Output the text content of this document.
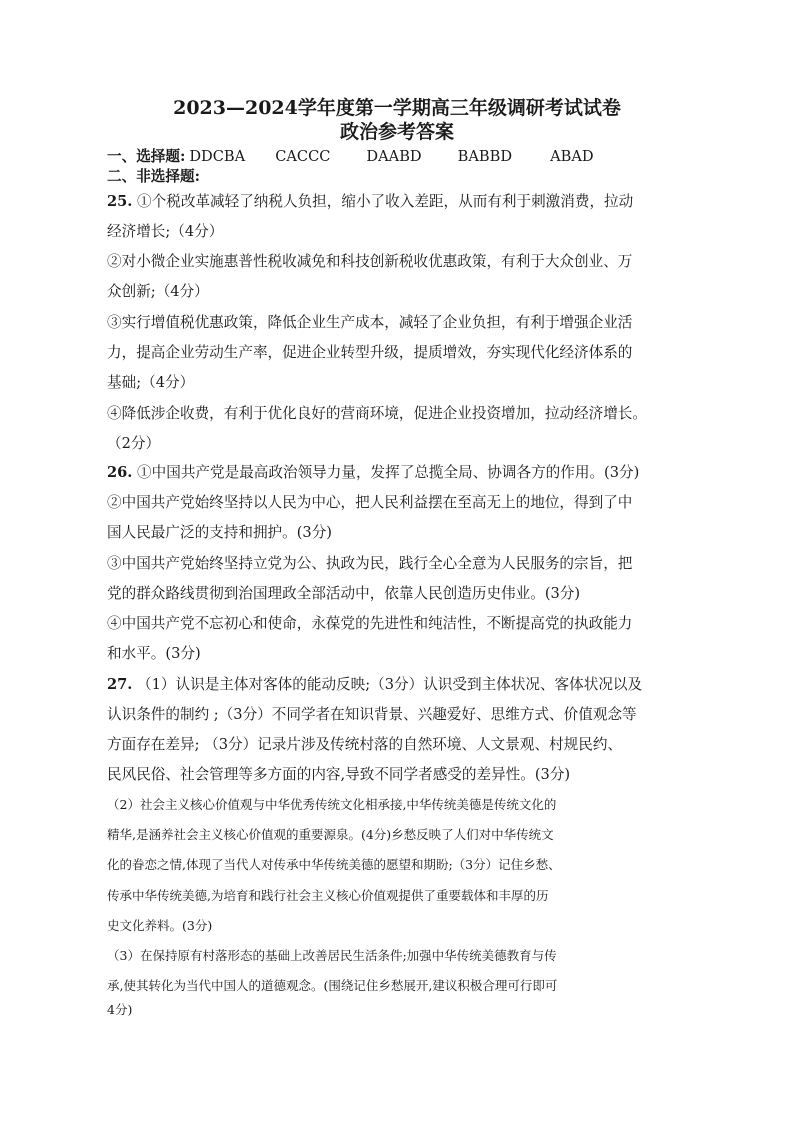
2023—2024学年度第一学期高三年级调研考试试卷
政治参考答案
一、选择题: DDCBA CACCC DAABD BABBD	ABAD
二、非选择题:
25. ①个税改革减轻了纳税人负担，缩小了收入差距，从而有利于刺激消费，拉动
经济增长;（4分）
②对小微企业实施惠普性税收减免和科技创新税收优惠政策，有利于大众创业、万
众创新;（4分）
③实行增值税优惠政策，降低企业生产成本，减轻了企业负担，有利于增强企业活
力，提高企业劳动生产率，促进企业转型升级，提质增效，夯实现代化经济体系的
基础;（4分）
④降低涉企收费，有利于优化良好的营商环境，促进企业投资增加，拉动经济增长。
（2分）
26. ①中国共产党是最高政治领导力量，发挥了总揽全局、协调各方的作用。(3分)
②中国共产党始终坚持以人民为中心，把人民利益摆在至高无上的地位，得到了中
国人民最广泛的支持和拥护。(3分)
③中国共产党始终坚持立党为公、执政为民，践行全心全意为人民服务的宗旨，把
党的群众路线贯彻到治国理政全部活动中，依靠人民创造历史伟业。(3分)
④中国共产党不忘初心和使命，永葆党的先进性和纯洁性，不断提高党的执政能力
和水平。(3分)
27. （1）认识是主体对客体的能动反映;（3分）认识受到主体状况、客体状况以及
认识条件的制约 ;（3分）不同学者在知识背景、兴趣爱好、思维方式、价值观念等
方面存在差异; （3分）记录片涉及传统村落的自然环境、人文景观、村规民约、
民风民俗、社会管理等多方面的内容,导致不同学者感受的差异性。(3分)
（2）社会主义核心价值观与中华优秀传统文化相承接,中华传统美德是传统文化的
精华,是涵养社会主义核心价值观的重要源泉。(4分)乡愁反映了人们对中华传统文
化的眷恋之情,体现了当代人对传承中华传统美德的愿望和期盼;（3分）记住乡愁、
传承中华传统美德,为培育和践行社会主义核心价值观提供了重要载体和丰厚的历
史文化养料。(3分)
（3）在保持原有村落形态的基础上改善居民生活条件;加强中华传统美德教育与传
承,使其转化为当代中国人的道德观念。(围绕记住乡愁展开,建议积极合理可行即可
4分)
